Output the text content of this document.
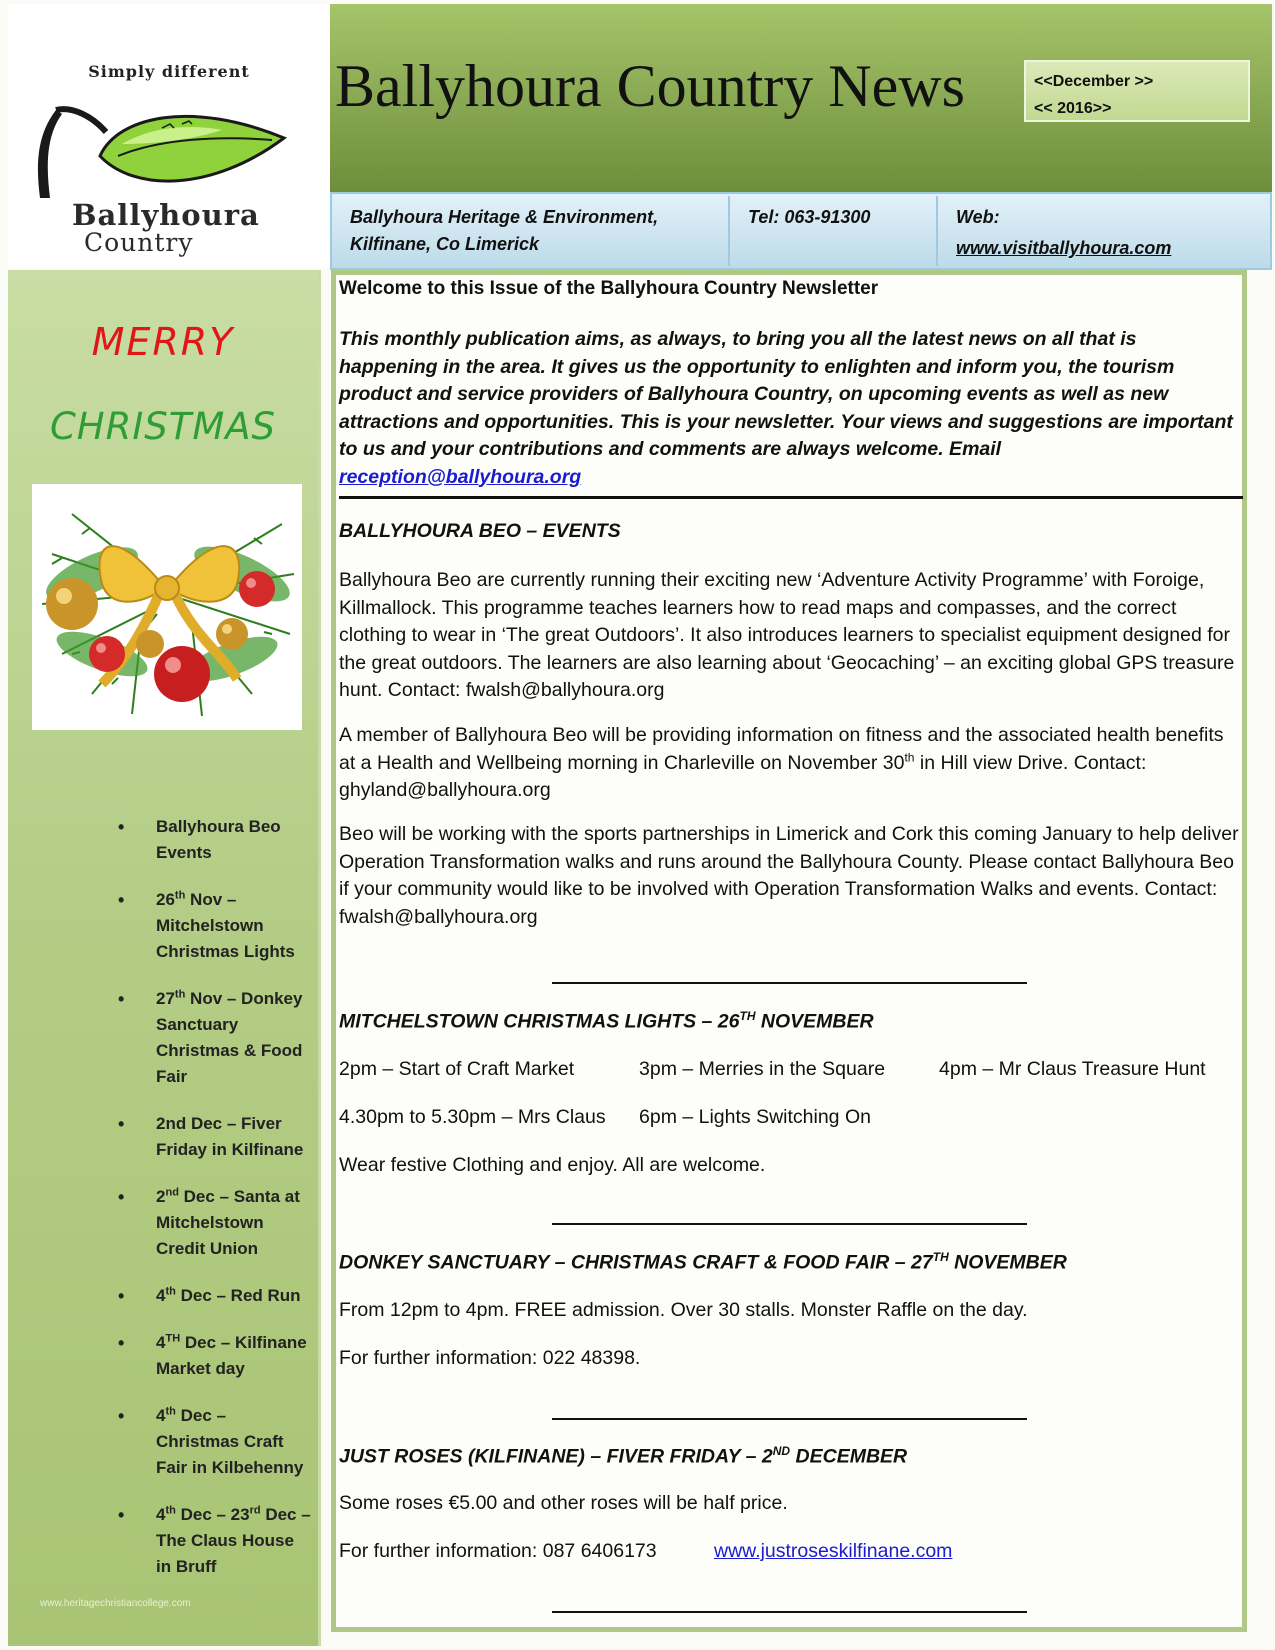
Simply different
Ballyhoura
Country
Ballyhoura Country News	<<December >>
<< 2016>>
Ballyhoura Heritage & Environment,
Kilfinane, Co Limerick
Tel: 063-91300	Web:
www.visitballyhoura.com
MERRY
CHRISTMAS
• Ballyhoura Beo Events
• 26th Nov – Mitchelstown Christmas Lights
• 27th Nov – Donkey Sanctuary Christmas & Food Fair
• 2nd Dec – Fiver Friday in Kilfinane
• 2nd Dec – Santa at Mitchelstown Credit Union
• 4th Dec – Red Run
• 4TH Dec – Kilfinane Market day
• 4th Dec – Christmas Craft Fair in Kilbehenny
• 4th Dec – 23rd Dec – The Claus House in Bruff
www.heritagechristiancollege.com
Welcome to this Issue of the Ballyhoura Country Newsletter
This monthly publication aims, as always, to bring you all the latest news on all that is happening in the area. It gives us the opportunity to enlighten and inform you, the tourism product and service providers of Ballyhoura Country, on upcoming events as well as new attractions and opportunities. This is your newsletter. Your views and suggestions are important to us and your contributions and comments are always welcome. Email reception@ballyhoura.org
BALLYHOURA BEO – EVENTS
Ballyhoura Beo are currently running their exciting new ‘Adventure Activity Programme’ with Foroige, Killmallock. This programme teaches learners how to read maps and compasses, and the correct clothing to wear in ‘The great Outdoors’. It also introduces learners to specialist equipment designed for the great outdoors. The learners are also learning about ‘Geocaching’ – an exciting global GPS treasure hunt. Contact: fwalsh@ballyhoura.org
A member of Ballyhoura Beo will be providing information on fitness and the associated health benefits at a Health and Wellbeing morning in Charleville on November 30th in Hill view Drive. Contact: ghyland@ballyhoura.org
Beo will be working with the sports partnerships in Limerick and Cork this coming January to help deliver Operation Transformation walks and runs around the Ballyhoura County. Please contact Ballyhoura Beo if your community would like to be involved with Operation Transformation Walks and events. Contact: fwalsh@ballyhoura.org
MITCHELSTOWN CHRISTMAS LIGHTS – 26TH NOVEMBER
2pm – Start of Craft Market	3pm – Merries in the Square	4pm – Mr Claus Treasure Hunt
4.30pm to 5.30pm – Mrs Claus 6pm – Lights Switching On
Wear festive Clothing and enjoy. All are welcome.
DONKEY SANCTUARY – CHRISTMAS CRAFT & FOOD FAIR – 27TH NOVEMBER
From 12pm to 4pm. FREE admission. Over 30 stalls. Monster Raffle on the day.
For further information: 022 48398.
JUST ROSES (KILFINANE) – FIVER FRIDAY – 2ND DECEMBER
Some roses €5.00 and other roses will be half price.
For further information: 087 6406173	www.justroseskilfinane.com
